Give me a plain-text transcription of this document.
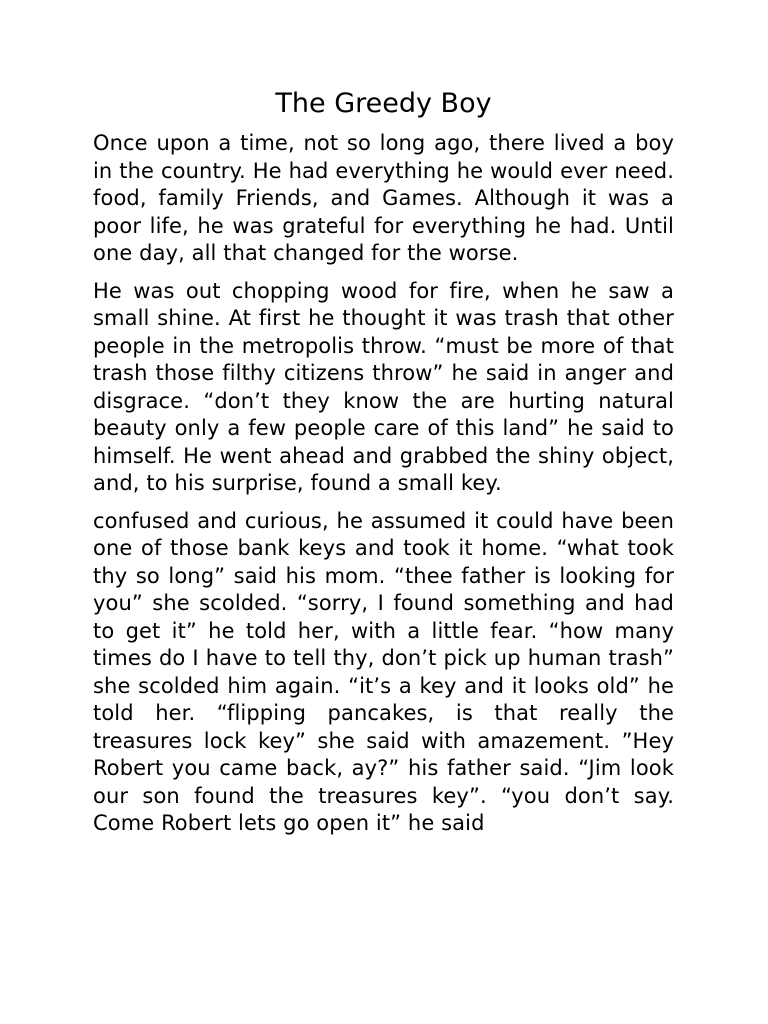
The Greedy Boy

Once upon a time, not so long ago, there lived a boy in the country. He had everything he would ever need. food, family Friends, and Games. Although it was a poor life, he was grateful for everything he had. Until one day, all that changed for the worse.

He was out chopping wood for fire, when he saw a small shine. At first he thought it was trash that other people in the metropolis throw. “must be more of that trash those filthy citizens throw” he said in anger and disgrace. “don’t they know the are hurting natural beauty only a few people care of this land” he said to himself. He went ahead and grabbed the shiny object, and, to his surprise, found a small key.

confused and curious, he assumed it could have been one of those bank keys and took it home. “what took thy so long” said his mom. “thee father is looking for you” she scolded. “sorry, I found something and had to get it” he told her, with a little fear. “how many times do I have to tell thy, don’t pick up human trash” she scolded him again. “it’s a key and it looks old” he told her. “flipping pancakes, is that really the treasures lock key” she said with amazement. ”Hey Robert you came back, ay?” his father said. “Jim look our son found the treasures key”. “you don’t say. Come Robert lets go open it” he said
